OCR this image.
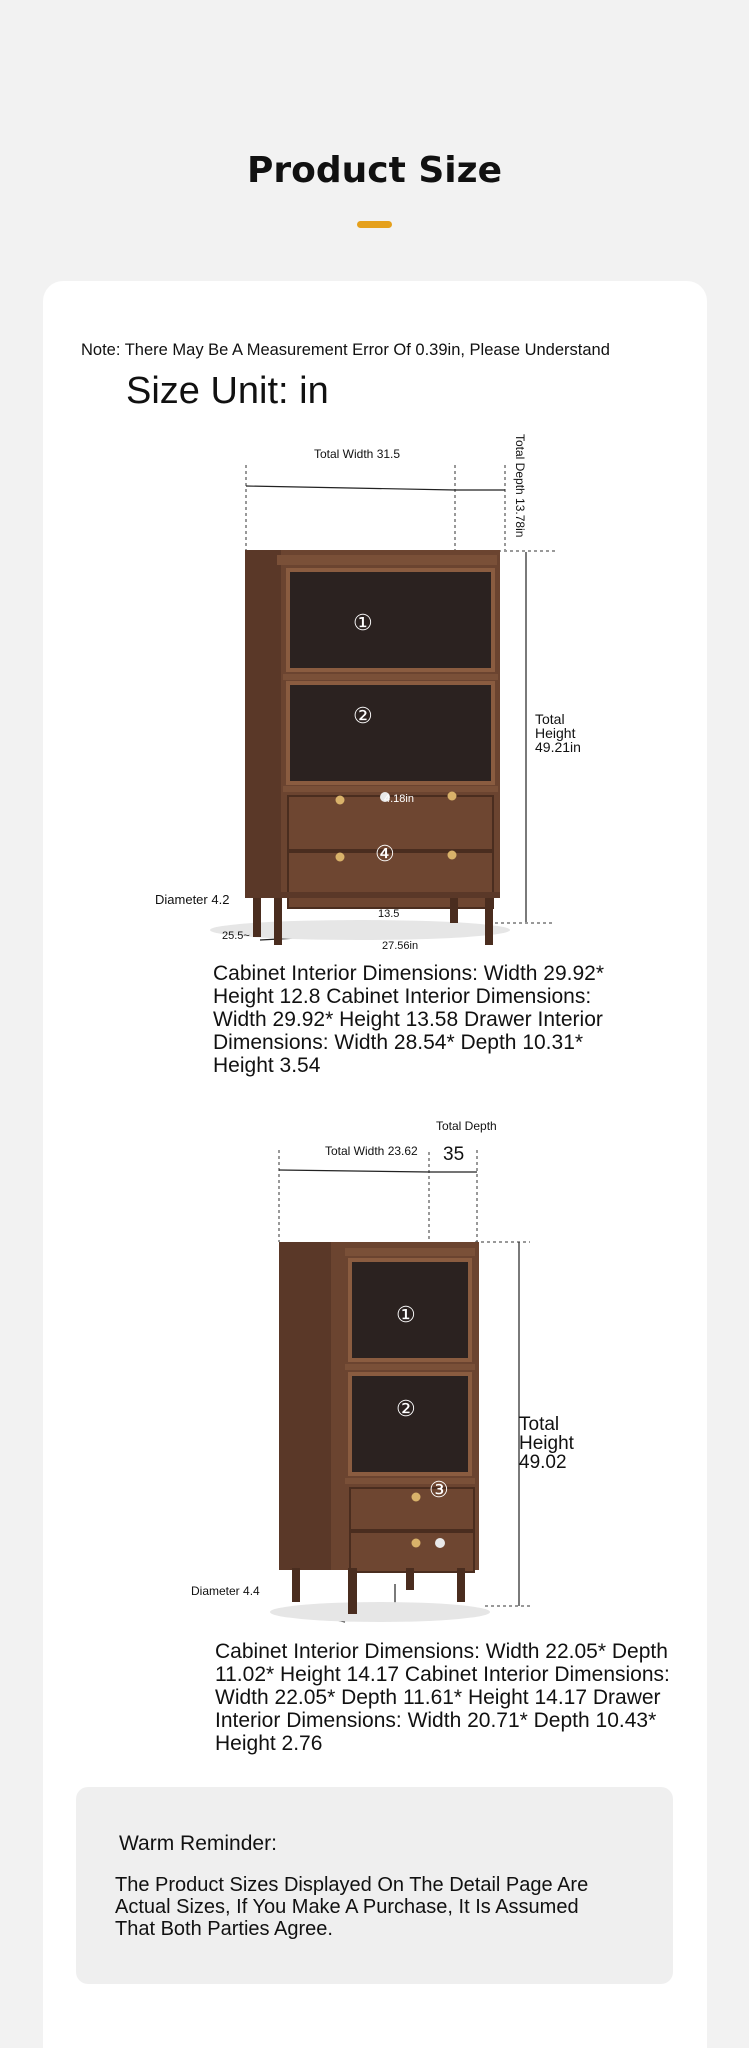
Product Size
Note: There May Be A Measurement Error Of 0.39in, Please Understand
Size Unit: in
①
②
④
Total Width 31.5	Total Depth 13.78in
Total
Height
49.21in
4.18in
Diameter 4.2
25.5~
13.5
27.56in
Cabinet Interior Dimensions: Width 29.92* Height 12.8 Cabinet Interior Dimensions: Width 29.92* Height 13.58 Drawer Interior Dimensions: Width 28.54* Depth 10.31* Height 3.54
①
②
③
Total Width 23.62
Total Depth
35
Total
Height
49.02
Diameter 4.4
Cabinet Interior Dimensions: Width 22.05* Depth 11.02* Height 14.17 Cabinet Interior Dimensions: Width 22.05* Depth 11.61* Height 14.17 Drawer Interior Dimensions: Width 20.71* Depth 10.43* Height 2.76
Warm Reminder:
The Product Sizes Displayed On The Detail Page Are Actual Sizes, If You Make A Purchase, It Is Assumed That Both Parties Agree.
